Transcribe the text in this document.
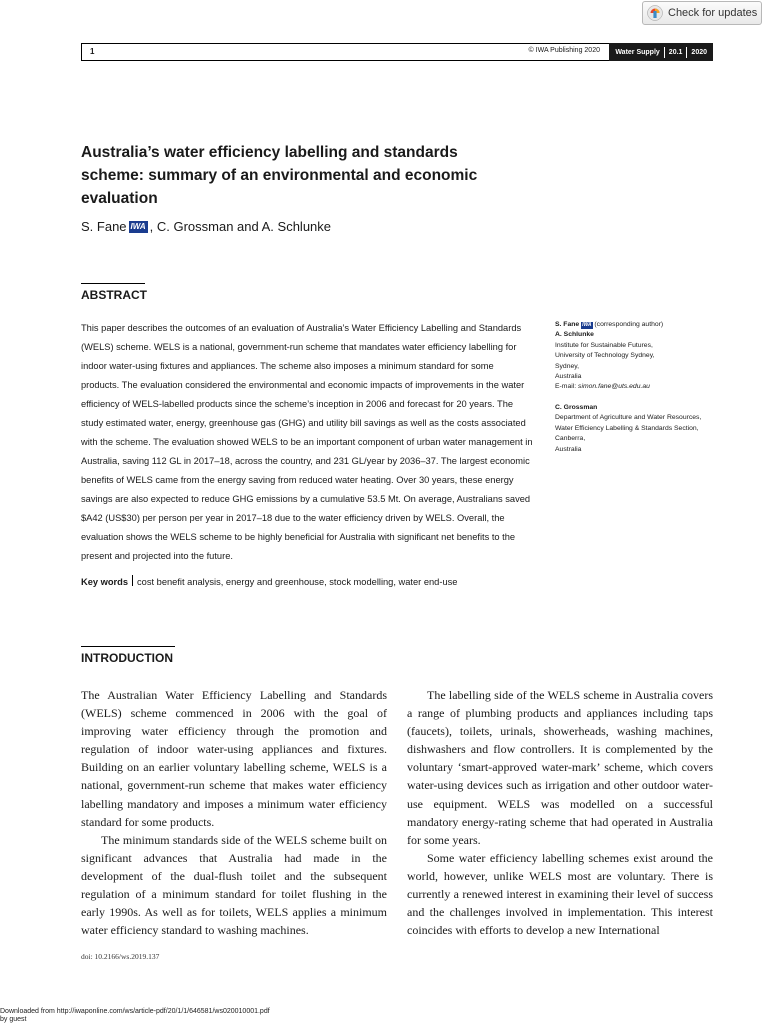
Check for updates
1	© IWA Publishing 2020 Water Supply 20.1 2020
Australia’s water efficiency labelling and standards scheme: summary of an environmental and economic evaluation
S. Fane IWA , C. Grossman and A. Schlunke
ABSTRACT

This paper describes the outcomes of an evaluation of Australia’s Water Efficiency Labelling and Standards (WELS) scheme. WELS is a national, government-run scheme that mandates water efficiency labelling for indoor water-using fixtures and appliances. The scheme also imposes a minimum standard for some products. The evaluation considered the environmental and economic impacts of improvements in the water efficiency of WELS-labelled products since the scheme’s inception in 2006 and forecast for 20 years. The study estimated water, energy, greenhouse gas (GHG) and utility bill savings as well as the costs associated with the scheme. The evaluation showed WELS to be an important component of urban water management in Australia, saving 112 GL in 2017–18, across the country, and 231 GL/year by 2036–37. The largest economic benefits of WELS came from the energy saving from reduced water heating. Over 30 years, these energy savings are also expected to reduce GHG emissions by a cumulative 53.5 Mt. On average, Australians saved $A42 (US$30) per person per year in 2017–18 due to the water efficiency driven by WELS. Overall, the evaluation shows the WELS scheme to be highly beneficial for Australia with significant net benefits to the present and projected into the future.

Key words cost benefit analysis, energy and greenhouse, stock modelling, water end-use
S. Fane IWA (corresponding author)
A. Schlunke
Institute for Sustainable Futures,
University of Technology Sydney,
Sydney,
Australia
E-mail: simon.fane@uts.edu.au
C. Grossman
Department of Agriculture and Water Resources,
Water Efficiency Labelling & Standards Section,
Canberra,
Australia
INTRODUCTION

The Australian Water Efficiency Labelling and Standards (WELS) scheme commenced in 2006 with the goal of improving water efficiency through the promotion and regulation of indoor water-using appliances and fixtures. Building on an earlier voluntary labelling scheme, WELS is a national, government-run scheme that makes water efficiency labelling mandatory and imposes a minimum water efficiency standard for some products.

The minimum standards side of the WELS scheme built on significant advances that Australia had made in the development of the dual-flush toilet and the subsequent regulation of a minimum standard for toilet flushing in the early 1990s. As well as for toilets, WELS applies a minimum water efficiency standard to washing machines.

The labelling side of the WELS scheme in Australia covers a range of plumbing products and appliances including taps (faucets), toilets, urinals, showerheads, washing machines, dishwashers and flow controllers. It is complemented by the voluntary ‘smart-approved water-mark’ scheme, which covers water-using devices such as irrigation and other outdoor water-use equipment. WELS was modelled on a successful mandatory energy-rating scheme that had operated in Australia for some years.

Some water efficiency labelling schemes exist around the world, however, unlike WELS most are voluntary. There is currently a renewed interest in examining their level of success and the challenges involved in implementation. This interest coincides with efforts to develop a new International

doi: 10.2166/ws.2019.137
Downloaded from http://iwaponline.com/ws/article-pdf/20/1/1/646581/ws020010001.pdf
by guest
